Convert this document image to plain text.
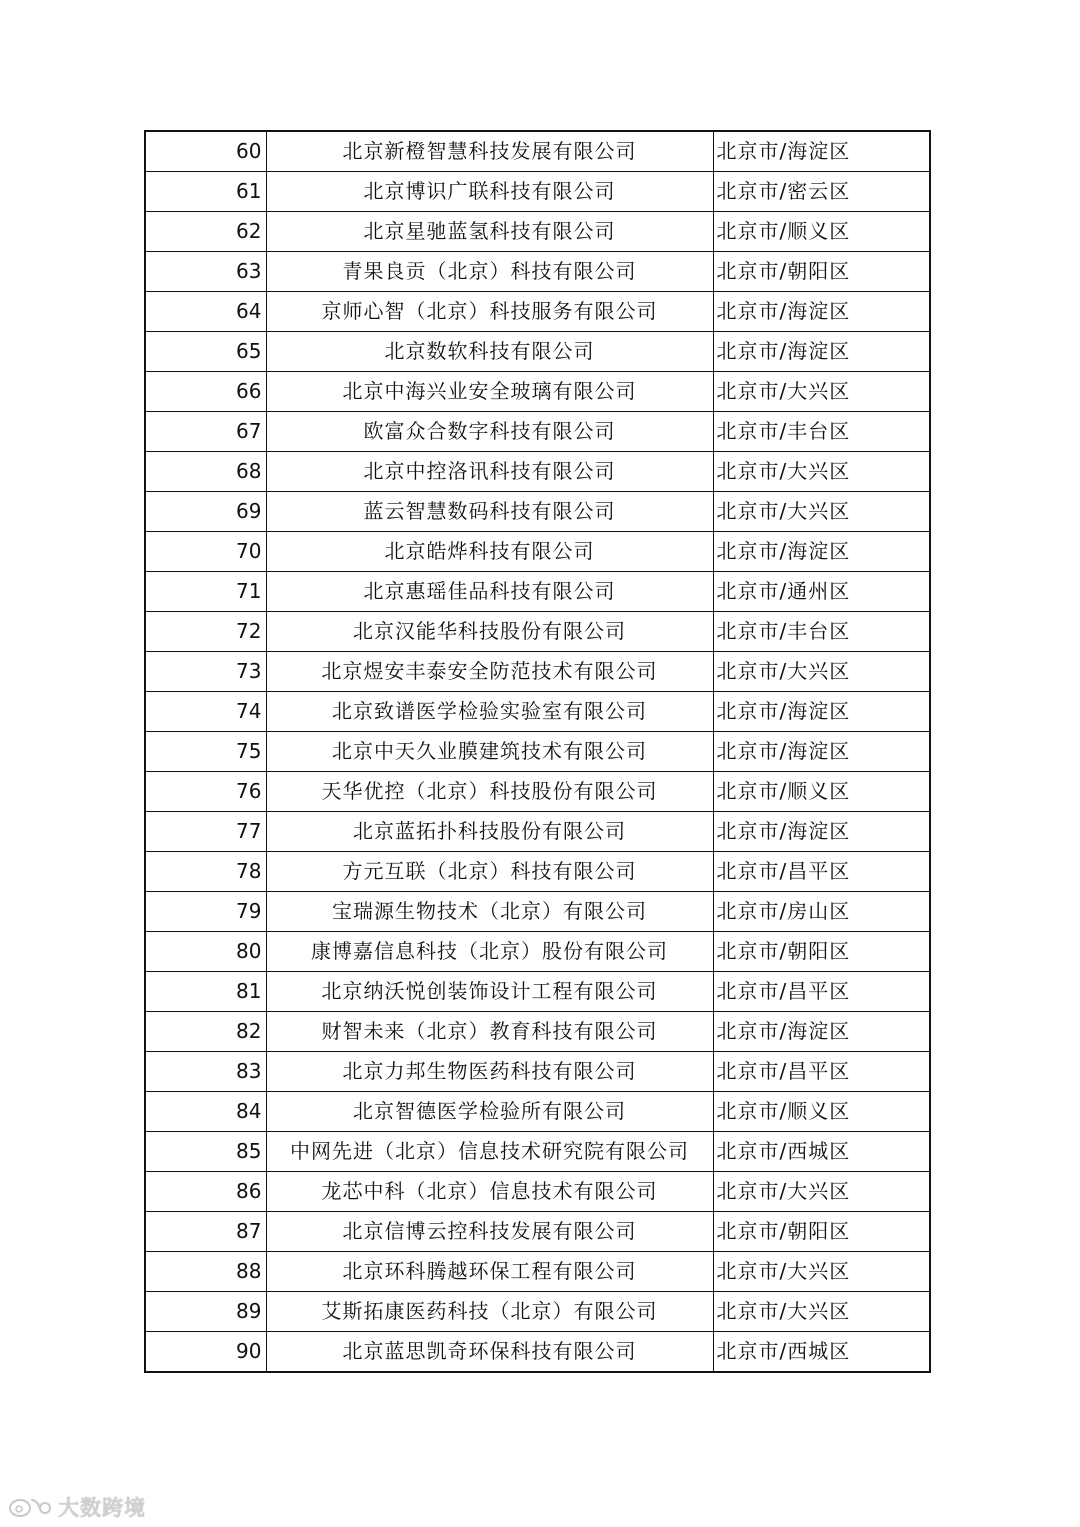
60	北京新橙智慧科技发展有限公司	北京市/海淀区
61	北京博识广联科技有限公司	北京市/密云区
62	北京星驰蓝氢科技有限公司	北京市/顺义区
63	青果良贡（北京）科技有限公司	北京市/朝阳区
64	京师心智（北京）科技服务有限公司	北京市/海淀区
65	北京数软科技有限公司	北京市/海淀区
66	北京中海兴业安全玻璃有限公司	北京市/大兴区
67	欧富众合数字科技有限公司	北京市/丰台区
68	北京中控洛讯科技有限公司	北京市/大兴区
69	蓝云智慧数码科技有限公司	北京市/大兴区
70	北京皓烨科技有限公司	北京市/海淀区
71	北京惠瑶佳品科技有限公司	北京市/通州区
72	北京汉能华科技股份有限公司	北京市/丰台区
73	北京煜安丰泰安全防范技术有限公司	北京市/大兴区
74	北京致谱医学检验实验室有限公司	北京市/海淀区
75	北京中天久业膜建筑技术有限公司	北京市/海淀区
76	天华优控（北京）科技股份有限公司	北京市/顺义区
77	北京蓝拓扑科技股份有限公司	北京市/海淀区
78	方元互联（北京）科技有限公司	北京市/昌平区
79	宝瑞源生物技术（北京）有限公司	北京市/房山区
80	康博嘉信息科技（北京）股份有限公司	北京市/朝阳区
81	北京纳沃悦创装饰设计工程有限公司	北京市/昌平区
82	财智未来（北京）教育科技有限公司	北京市/海淀区
83	北京力邦生物医药科技有限公司	北京市/昌平区
84	北京智德医学检验所有限公司	北京市/顺义区
85	中网先进（北京）信息技术研究院有限公司	北京市/西城区
86	龙芯中科（北京）信息技术有限公司	北京市/大兴区
87	北京信博云控科技发展有限公司	北京市/朝阳区
88	北京环科腾越环保工程有限公司	北京市/大兴区
89	艾斯拓康医药科技（北京）有限公司	北京市/大兴区
90	北京蓝思凯奇环保科技有限公司	北京市/西城区
大数跨境
